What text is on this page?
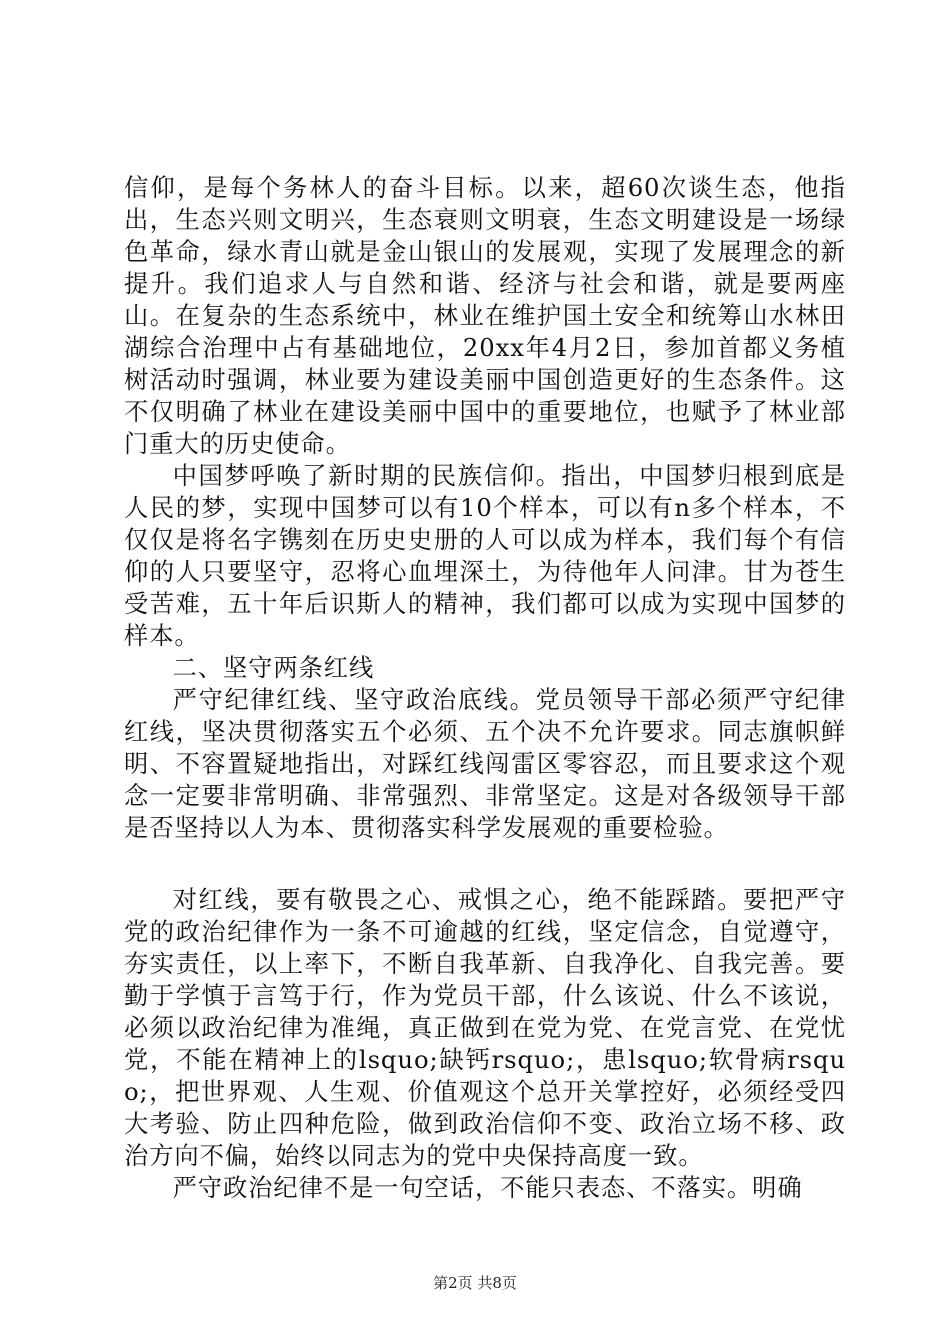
信仰，是每个务林人的奋斗目标。以来，超60次谈生态，他指出，生态兴则文明兴，生态衰则文明衰，生态文明建设是一场绿色革命，绿水青山就是金山银山的发展观，实现了发展理念的新提升。我们追求人与自然和谐、经济与社会和谐，就是要两座山。在复杂的生态系统中，林业在维护国土安全和统筹山水林田湖综合治理中占有基础地位，20xx年4月2日，参加首都义务植树活动时强调，林业要为建设美丽中国创造更好的生态条件。这不仅明确了林业在建设美丽中国中的重要地位，也赋予了林业部门重大的历史使命。

中国梦呼唤了新时期的民族信仰。指出，中国梦归根到底是人民的梦，实现中国梦可以有10个样本，可以有n多个样本，不仅仅是将名字镌刻在历史史册的人可以成为样本，我们每个有信仰的人只要坚守，忍将心血埋深土，为待他年人问津。甘为苍生受苦难，五十年后识斯人的精神，我们都可以成为实现中国梦的样本。

二、坚守两条红线

严守纪律红线、坚守政治底线。党员领导干部必须严守纪律红线，坚决贯彻落实五个必须、五个决不允许要求。同志旗帜鲜明、不容置疑地指出，对踩红线闯雷区零容忍，而且要求这个观念一定要非常明确、非常强烈、非常坚定。这是对各级领导干部是否坚持以人为本、贯彻落实科学发展观的重要检验。

对红线，要有敬畏之心、戒惧之心，绝不能踩踏。要把严守党的政治纪律作为一条不可逾越的红线，坚定信念，自觉遵守，夯实责任，以上率下，不断自我革新、自我净化、自我完善。要勤于学慎于言笃于行，作为党员干部，什么该说、什么不该说，必须以政治纪律为准绳，真正做到在党为党、在党言党、在党忧党，不能在精神上的lsquo;缺钙rsquo;，患lsquo;软骨病rsquo;，把世界观、人生观、价值观这个总开关掌控好，必须经受四大考验、防止四种危险，做到政治信仰不变、政治立场不移、政治方向不偏，始终以同志为的党中央保持高度一致。

严守政治纪律不是一句空话，不能只表态、不落实。明确

第2页 共8页
